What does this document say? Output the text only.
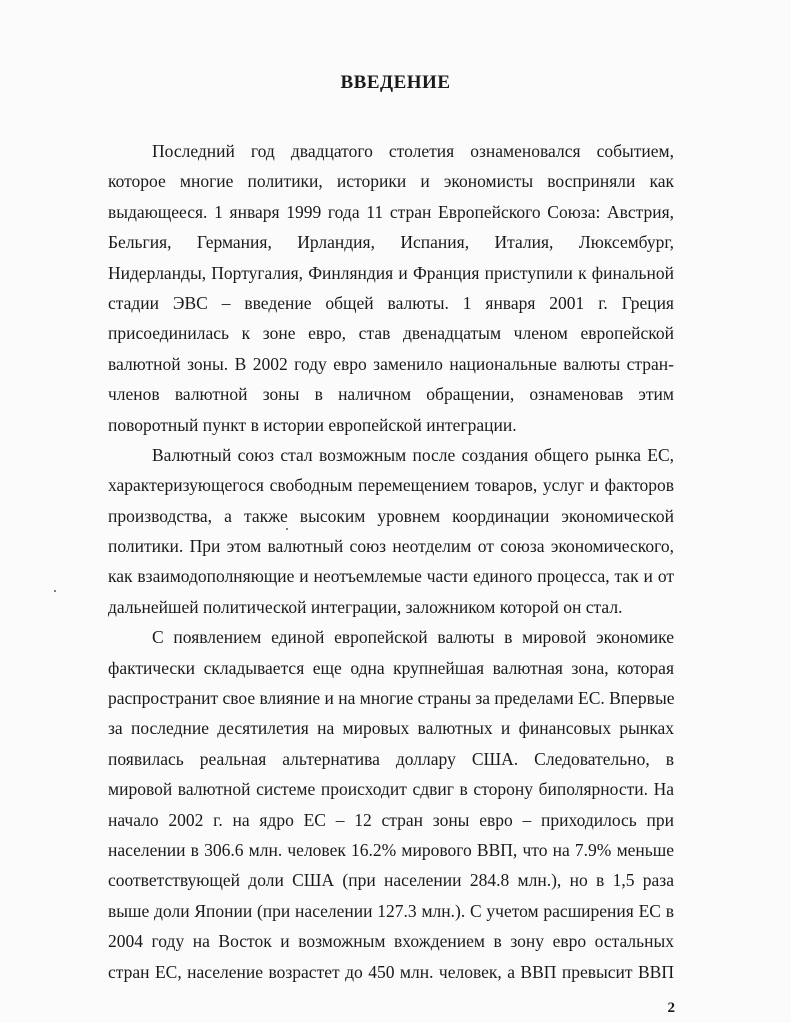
ВВЕДЕНИЕ
Последний год двадцатого столетия ознаменовался событием,
которое многие политики, историки и экономисты восприняли как
выдающееся. 1 января 1999 года 11 стран Европейского Союза: Австрия,
Бельгия, Германия, Ирландия, Испания, Италия, Люксембург,
Нидерланды, Португалия, Финляндия и Франция приступили к финальной
стадии ЭВС – введение общей валюты. 1 января 2001 г. Греция
присоединилась к зоне евро, став двенадцатым членом европейской
валютной зоны. В 2002 году евро заменило национальные валюты стран-
членов валютной зоны в наличном обращении, ознаменовав этим
поворотный пункт в истории европейской интеграции.
Валютный союз стал возможным после создания общего рынка ЕС,
характеризующегося свободным перемещением товаров, услуг и факторов
производства, а также высоким уровнем координации экономической
политики. При этом валютный союз неотделим от союза экономического,
как взаимодополняющие и неотъемлемые части единого процесса, так и от
дальнейшей политической интеграции, заложником которой он стал.
С появлением единой европейской валюты в мировой экономике
фактически складывается еще одна крупнейшая валютная зона, которая
распространит свое влияние и на многие страны за пределами ЕС. Впервые
за последние десятилетия на мировых валютных и финансовых рынках
появилась реальная альтернатива доллару США. Следовательно, в
мировой валютной системе происходит сдвиг в сторону биполярности. На
начало 2002 г. на ядро ЕС – 12 стран зоны евро – приходилось при
населении в 306.6 млн. человек 16.2% мирового ВВП, что на 7.9% меньше
соответствующей доли США (при населении 284.8 млн.), но в 1,5 раза
выше доли Японии (при населении 127.3 млн.). С учетом расширения ЕС в
2004 году на Восток и возможным вхождением в зону евро остальных
стран ЕС, население возрастет до 450 млн. человек, а ВВП превысит ВВП
2
